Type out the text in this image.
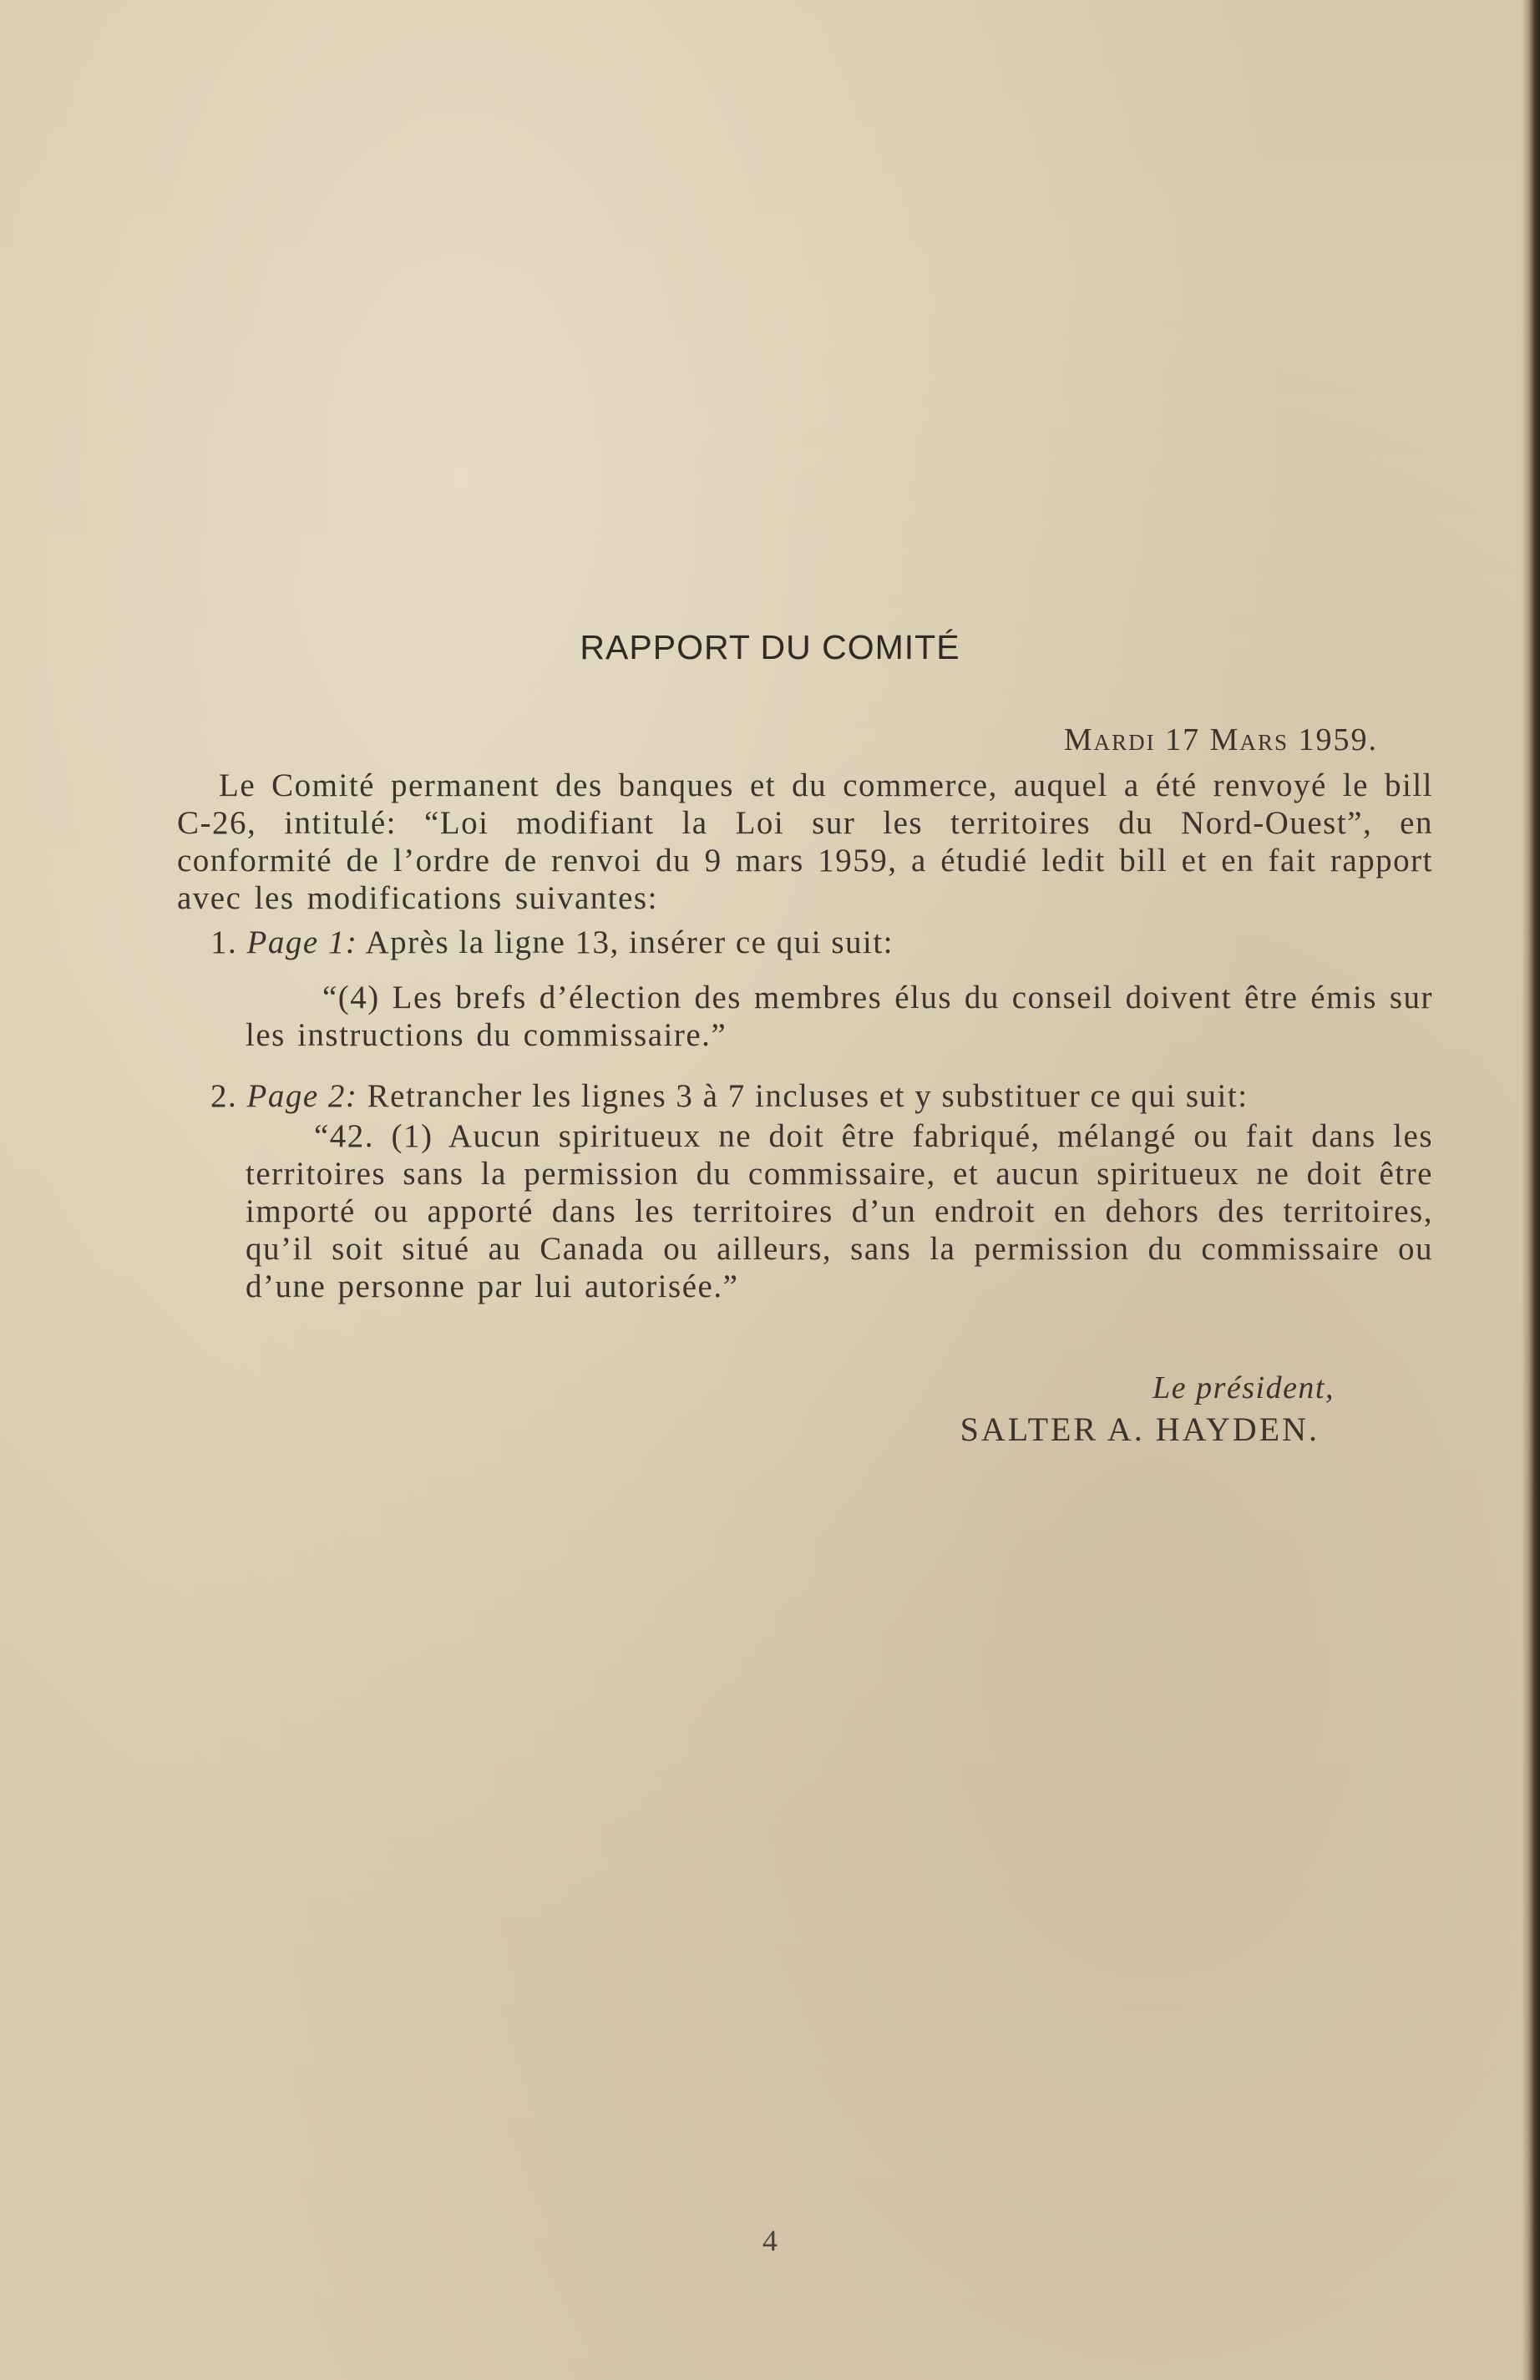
RAPPORT DU COMITÉ
Mardi 17 Mars 1959.
Le Comité permanent des banques et du commerce, auquel a été renvoyé le bill C-26, intitulé: “Loi modifiant la Loi sur les territoires du Nord-Ouest”, en conformité de l’ordre de renvoi du 9 mars 1959, a étudié ledit bill et en fait rapport avec les modifications suivantes:
1. Page 1: Après la ligne 13, insérer ce qui suit:
“(4) Les brefs d’élection des membres élus du conseil doivent être émis sur les instructions du commissaire.”
2. Page 2: Retrancher les lignes 3 à 7 incluses et y substituer ce qui suit:
“42. (1) Aucun spiritueux ne doit être fabriqué, mélangé ou fait dans les territoires sans la permission du commissaire, et aucun spiritueux ne doit être importé ou apporté dans les territoires d’un endroit en dehors des territoires, qu’il soit situé au Canada ou ailleurs, sans la permission du commissaire ou d’une personne par lui autorisée.”
Le président,
SALTER A. HAYDEN.
4
